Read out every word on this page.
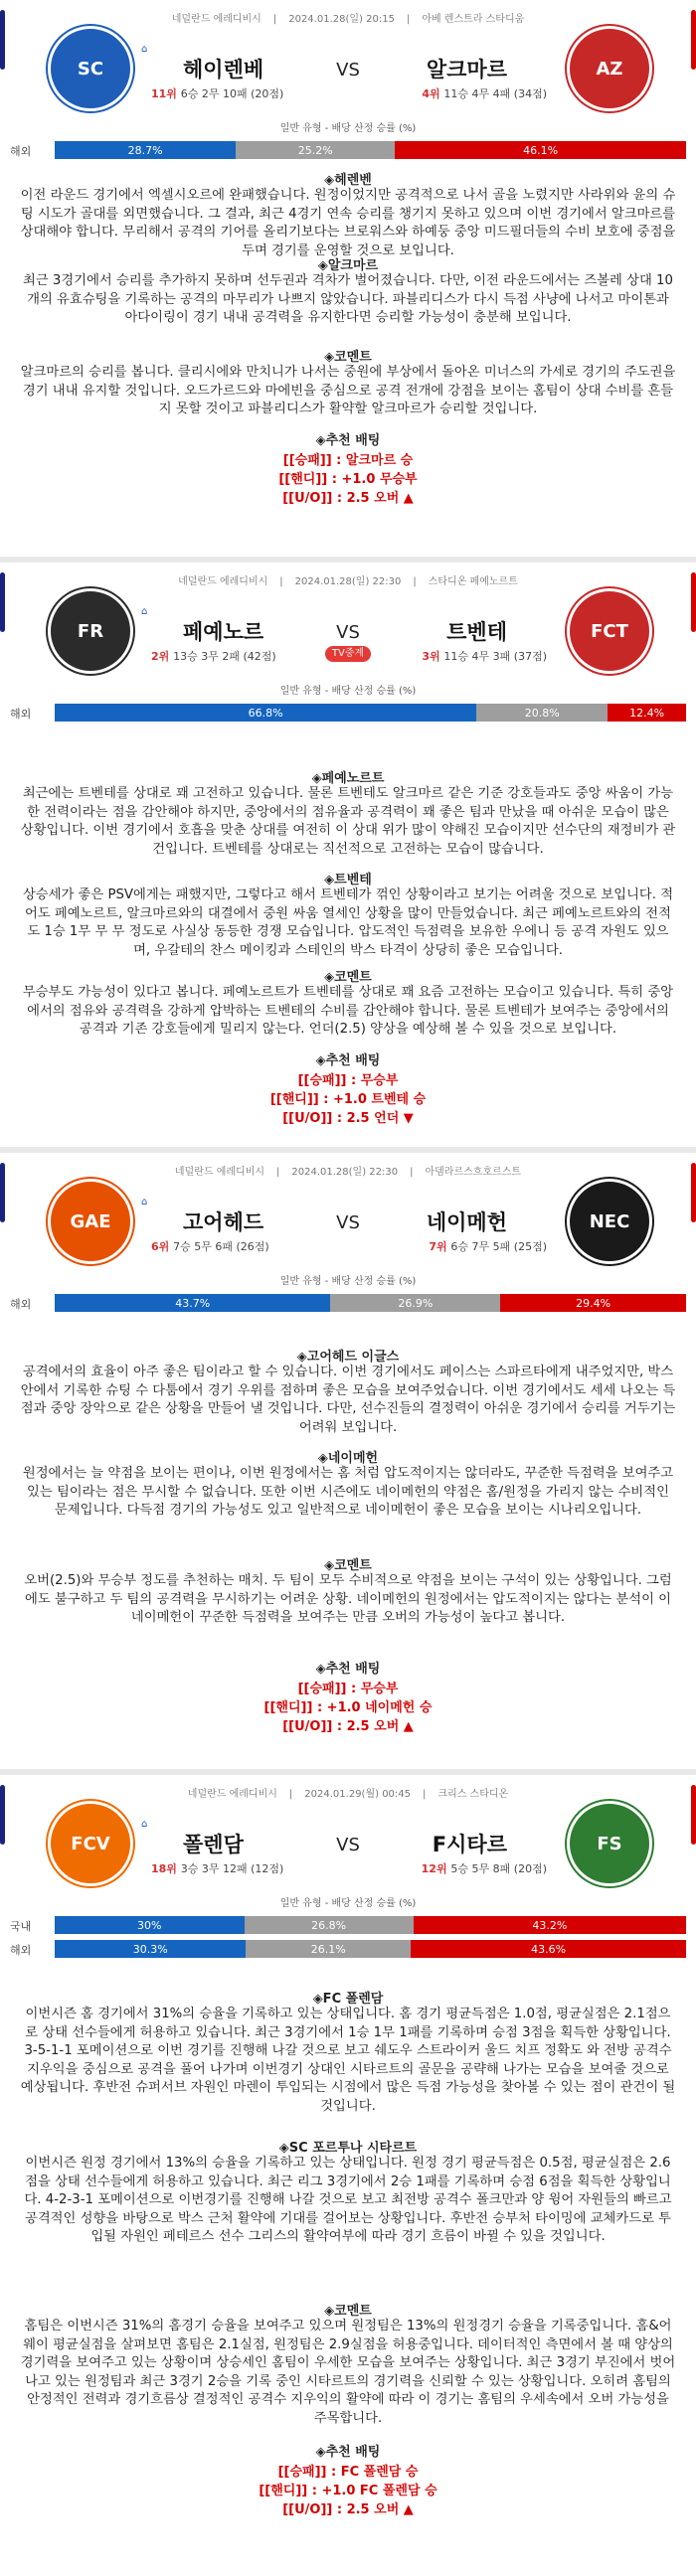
네덜란드 에레디비시 | 2024.01.28(일) 20:15 | 아베 렌스트라 스타디움
SC	AZ
⌂
헤이렌베	알크마르
VS
11위 6승 2무 10패 (20점)	4위 11승 4무 4패 (34점)
일반 유형 - 배당 산정 승률 (%)
해외	28.7%	25.2%	46.1%
◈헤렌벤
이전 라운드 경기에서 엑셀시오르에 완패했습니다. 원정이었지만 공격적으로 나서 골을 노렸지만 사라위와 윤의 슈팅 시도가 골대를 외면했습니다. 그 결과, 최근 4경기 연속 승리를 챙기지 못하고 있으며 이번 경기에서 알크마르를 상대해야 합니다. 무리해서 공격의 기어를 올리기보다는 브로워스와 하예둥 중앙 미드필더들의 수비 보호에 중점을 두며 경기를 운영할 것으로 보입니다.
◈알크마르
최근 3경기에서 승리를 추가하지 못하며 선두권과 격차가 벌어졌습니다. 다만, 이전 라운드에서는 즈볼레 상대 10개의 유효슈팅을 기록하는 공격의 마무리가 나쁘지 않았습니다. 파블리디스가 다시 득점 사냥에 나서고 마이톤과 아다이링이 경기 내내 공격력을 유지한다면 승리할 가능성이 충분해 보입니다.
◈코멘트
알크마르의 승리를 봅니다. 클리시에와 만치니가 나서는 중원에 부상에서 돌아온 미너스의 가세로 경기의 주도권을 경기 내내 유지할 것입니다. 오드가르드와 마에빈을 중심으로 공격 전개에 강점을 보이는 홈팀이 상대 수비를 흔들지 못할 것이고 파블리디스가 활약할 알크마르가 승리할 것입니다.
◈추천 배팅
[[승패]] : 알크마르 승
[[핸디]] : +1.0 무승부
[[U/O]] : 2.5 오버 ▲
네덜란드 에레디비시 | 2024.01.28(일) 22:30 | 스타디온 페예노르트
FR	FCT
⌂
페예노르	트벤테
VS
2위 13승 3무 2패 (42점)	3위 11승 4무 3패 (37점)
TV중계
일반 유형 - 배당 산정 승률 (%)
해외	66.8%	20.8%	12.4%
◈페예노르트
최근에는 트벤테를 상대로 꽤 고전하고 있습니다. 물론 트벤테도 알크마르 같은 기준 강호들과도 중앙 싸움이 가능한 전력이라는 점을 감안해야 하지만, 중앙에서의 점유율과 공격력이 꽤 좋은 팀과 만났을 때 아쉬운 모습이 많은 상황입니다. 이번 경기에서 호흡을 맞춘 상대를 여전히 이 상대 위가 많이 약해진 모습이지만 선수단의 재정비가 관건입니다. 트벤테를 상대로는 직선적으로 고전하는 모습이 많습니다.
◈트벤테
상승세가 좋은 PSV에게는 패했지만, 그렇다고 해서 트벤테가 꺾인 상황이라고 보기는 어려울 것으로 보입니다. 적어도 페예노르트, 알크마르와의 대결에서 중원 싸움 열세인 상황을 많이 만들었습니다. 최근 페예노르트와의 전적도 1승 1무 무 무 정도로 사실상 동등한 경쟁 모습입니다. 압도적인 득점력을 보유한 우에니 등 공격 자원도 있으며, 우갈테의 찬스 메이킹과 스테인의 박스 타격이 상당히 좋은 모습입니다.
◈코멘트
무승부도 가능성이 있다고 봅니다. 페예노르트가 트벤테를 상대로 꽤 요즘 고전하는 모습이고 있습니다. 특히 중앙에서의 점유와 공격력을 강하게 압박하는 트벤테의 수비를 감안해야 합니다. 물론 트벤테가 보여주는 중앙에서의 공격과 기존 강호들에게 밀리지 않는다. 언더(2.5) 양상을 예상해 볼 수 있을 것으로 보입니다.
◈추천 배팅
[[승패]] : 무승부
[[핸디]] : +1.0 트벤테 승
[[U/O]] : 2.5 언더 ▼
네덜란드 에레디비시 | 2024.01.28(일) 22:30 | 아뎀라르스흐호르스트
GAE	NEC
⌂
고어헤드	네이메헌
VS
6위 7승 5무 6패 (26점)	7위 6승 7무 5패 (25점)
일반 유형 - 배당 산정 승률 (%)
해외	43.7%	26.9%	29.4%
◈고어헤드 이글스
공격에서의 효율이 아주 좋은 팀이라고 할 수 있습니다. 이번 경기에서도 페이스는 스파르타에게 내주었지만, 박스 안에서 기록한 슈팅 수 다툼에서 경기 우위를 점하며 좋은 모습을 보여주었습니다. 이번 경기에서도 세세 나오는 득점과 중앙 장악으로 같은 상황을 만들어 낼 것입니다. 다만, 선수진들의 결정력이 아쉬운 경기에서 승리를 거두기는 어려워 보입니다.
◈네이메헌
원정에서는 늘 약점을 보이는 편이나, 이번 원정에서는 홈 처럼 압도적이지는 않더라도, 꾸준한 득점력을 보여주고 있는 팀이라는 점은 무시할 수 없습니다. 또한 이번 시즌에도 네이메헌의 약점은 홈/원정을 가리지 않는 수비적인 문제입니다. 다득점 경기의 가능성도 있고 일반적으로 네이메헌이 좋은 모습을 보이는 시나리오입니다.
◈코멘트
오버(2.5)와 무승부 정도를 추천하는 매치. 두 팀이 모두 수비적으로 약점을 보이는 구석이 있는 상황입니다. 그럼에도 불구하고 두 팀의 공격력을 무시하기는 어려운 상황. 네이메헌의 원정에서는 압도적이지는 않다는 분석이 이 네이메헌이 꾸준한 득점력을 보여주는 만큼 오버의 가능성이 높다고 봅니다.
◈추천 배팅
[[승패]] : 무승부
[[핸디]] : +1.0 네이메헌 승
[[U/O]] : 2.5 오버 ▲
네덜란드 에레디비시 | 2024.01.29(월) 00:45 | 크리스 스타디온
FCV	FS
⌂
폴렌담	F시타르
VS
18위 3승 3무 12패 (12점)	12위 5승 5무 8패 (20점)
일반 유형 - 배당 산정 승률 (%)
국내	30%	26.8%	43.2%
해외	30.3%	26.1%	43.6%
◈FC 폴렌담
이번시즌 홈 경기에서 31%의 승율을 기록하고 있는 상태입니다. 홈 경기 평균득점은 1.0점, 평균실점은 2.1점으로 상태 선수들에게 허용하고 있습니다. 최근 3경기에서 1승 1무 1패를 기록하며 승점 3점을 획득한 상황입니다. 3-5-1-1 포메이션으로 이번 경기를 진행해 나갈 것으로 보고 쉐도우 스트라이커 울드 치프 정확도 와 전방 공격수 지우익을 중심으로 공격을 풀어 나가며 이번경기 상대인 시타르트의 골문을 공략해 나가는 모습을 보여줄 것으로 예상됩니다. 후반전 슈퍼서브 자원인 마렌이 투입되는 시점에서 많은 득점 가능성을 찾아볼 수 있는 점이 관건이 될 것입니다.
◈SC 포르투나 시타르트
이번시즌 원정 경기에서 13%의 승율을 기록하고 있는 상태입니다. 원정 경기 평균득점은 0.5점, 평균실점은 2.6점을 상태 선수들에게 허용하고 있습니다. 최근 리그 3경기에서 2승 1패를 기록하며 승점 6점을 획득한 상황입니다. 4-2-3-1 포메이션으로 이번경기를 진행해 나갈 것으로 보고 최전방 공격수 폴크만과 양 윙어 자원들의 빠르고 공격적인 성향을 바탕으로 박스 근처 활약에 기대를 걸어보는 상황입니다. 후반전 승부처 타이밍에 교체카드로 투입될 자원인 페테르스 선수 그리스의 활약여부에 따라 경기 흐름이 바뀔 수 있을 것입니다.
◈코멘트
홈팀은 이번시즌 31%의 홈경기 승율을 보여주고 있으며 원정팀은 13%의 원정경기 승율을 기록중입니다. 홈&어웨이 평균실점을 살펴보면 홈팀은 2.1실점, 원정팀은 2.9실점을 허용중입니다. 데이터적인 측면에서 볼 때 양상의 경기력을 보여주고 있는 상황이며 상승세인 홈팀이 우세한 모습을 보여주는 상황입니다. 최근 3경기 부진에서 벗어나고 있는 원정팀과 최근 3경기 2승을 기록 중인 시타르트의 경기력을 신뢰할 수 있는 상황입니다. 오히려 홈팀의 안정적인 전력과 경기흐름상 결정적인 공격수 지우익의 활약에 따라 이 경기는 홈팀의 우세속에서 오버 가능성을 주목합니다.
◈추천 배팅
[[승패]] : FC 폴렌담 승
[[핸디]] : +1.0 FC 폴렌담 승
[[U/O]] : 2.5 오버 ▲
